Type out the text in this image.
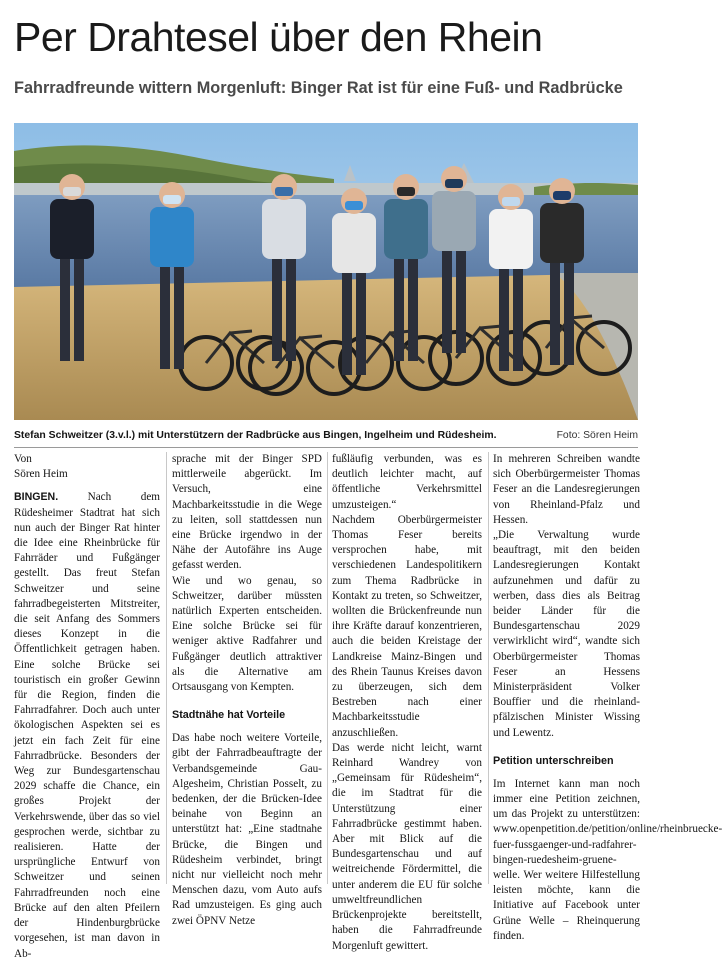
Per Drahtesel über den Rhein
Fahrradfreunde wittern Morgenluft: Binger Rat ist für eine Fuß- und Radbrücke
Stefan Schweitzer (3.v.l.) mit Unterstützern der Radbrücke aus Bingen, Ingelheim und Rüdesheim.	Foto: Sören Heim
Von
Sören Heim

BINGEN.	Nach dem Rüdesheimer Stadtrat hat sich nun auch der Binger Rat hinter die Idee eine Rheinbrücke für Fahrräder und Fußgänger gestellt. Das freut Stefan Schweitzer und seine fahrradbegeisterten Mitstreiter, die seit Anfang des Sommers dieses Konzept in die Öffentlichkeit getragen haben. Eine solche Brücke sei touristisch ein großer Gewinn für die Region, finden die Fahrradfahrer. Doch auch unter ökologischen Aspekten sei es jetzt ein fach Zeit für eine Fahrradbrücke. Besonders der Weg zur Bundesgartenschau 2029 schaffe die Chance, ein großes Projekt der Verkehrswende, über das so viel gesprochen werde, sichtbar zu realisieren. Hatte der ursprüngliche Entwurf von Schweitzer und seinen Fahrradfreunden noch eine Brücke auf den alten Pfeilern der Hindenburgbrücke vorgesehen, ist man davon in Ab-

sprache mit der Binger SPD mittlerweile abgerückt. Im Versuch, eine Machbarkeitsstudie in die Wege zu leiten, soll stattdessen nun eine Brücke irgendwo in der Nähe der Autofähre ins Auge gefasst werden.

Wie und wo genau, so Schweitzer, darüber müssten natürlich Experten entscheiden. Eine solche Brücke sei für weniger aktive Radfahrer und Fußgänger deutlich attraktiver als die Alternative am Ortsausgang von Kempten.

Stadtnähe hat Vorteile

Das habe noch weitere Vorteile, gibt der Fahrradbeauftragte der Verbandsgemeinde Gau-Algesheim, Christian Posselt, zu bedenken, der die Brücken-Idee beinahe von Beginn an unterstützt hat: „Eine stadtnahe Brücke, die Bingen und Rüdesheim verbindet, bringt nicht nur vielleicht noch mehr Menschen dazu, vom Auto aufs Rad umzusteigen. Es ging auch zwei ÖPNV Netze

fußläufig verbunden, was es deutlich leichter macht, auf öffentliche Verkehrsmittel umzusteigen.“

Nachdem Oberbürgermeister Thomas Feser bereits versprochen habe, mit verschiedenen Landespolitikern zum Thema Radbrücke in Kontakt zu treten, so Schweitzer, wollten die Brückenfreunde nun ihre Kräfte darauf konzentrieren, auch die beiden Kreistage der Landkreise Mainz-Bingen und des Rhein Taunus Kreises davon zu überzeugen, sich dem Bestreben nach einer Machbarkeitsstudie anzuschließen.

Das werde nicht leicht, warnt Reinhard Wandrey von „Gemeinsam für Rüdesheim“, die im Stadtrat für die Unterstützung einer Fahrradbrücke gestimmt haben. Aber mit Blick auf die Bundesgartenschau und auf weitreichende Fördermittel, die unter anderem die EU für solche umweltfreundlichen Brückenprojekte bereitstellt, haben die Fahrradfreunde Morgenluft gewittert.

In mehreren Schreiben wandte sich Oberbürgermeister Thomas Feser an die Landesregierungen von Rheinland-Pfalz und Hessen.

„Die Verwaltung wurde beauftragt, mit den beiden Landesregierungen Kontakt aufzunehmen und dafür zu werben, dass dies als Beitrag beider Länder für die Bundesgartenschau 2029 verwirklicht wird“, wandte sich Oberbürgermeister Thomas Feser an Hessens Ministerpräsident Volker Bouffier und die rheinland-pfälzischen Minister Wissing und Lewentz.

Petition unterschreiben

Im Internet kann man noch immer eine Petition zeichnen, um das Projekt zu unterstützen: www.openpetition.de/petition/online/rheinbruecke-fuer-fussgaenger-und-radfahrer-bingen-ruedesheim-gruene-welle. Wer weitere Hilfestellung leisten möchte, kann die Initiative auf Facebook unter Grüne Welle – Rheinquerung finden.
